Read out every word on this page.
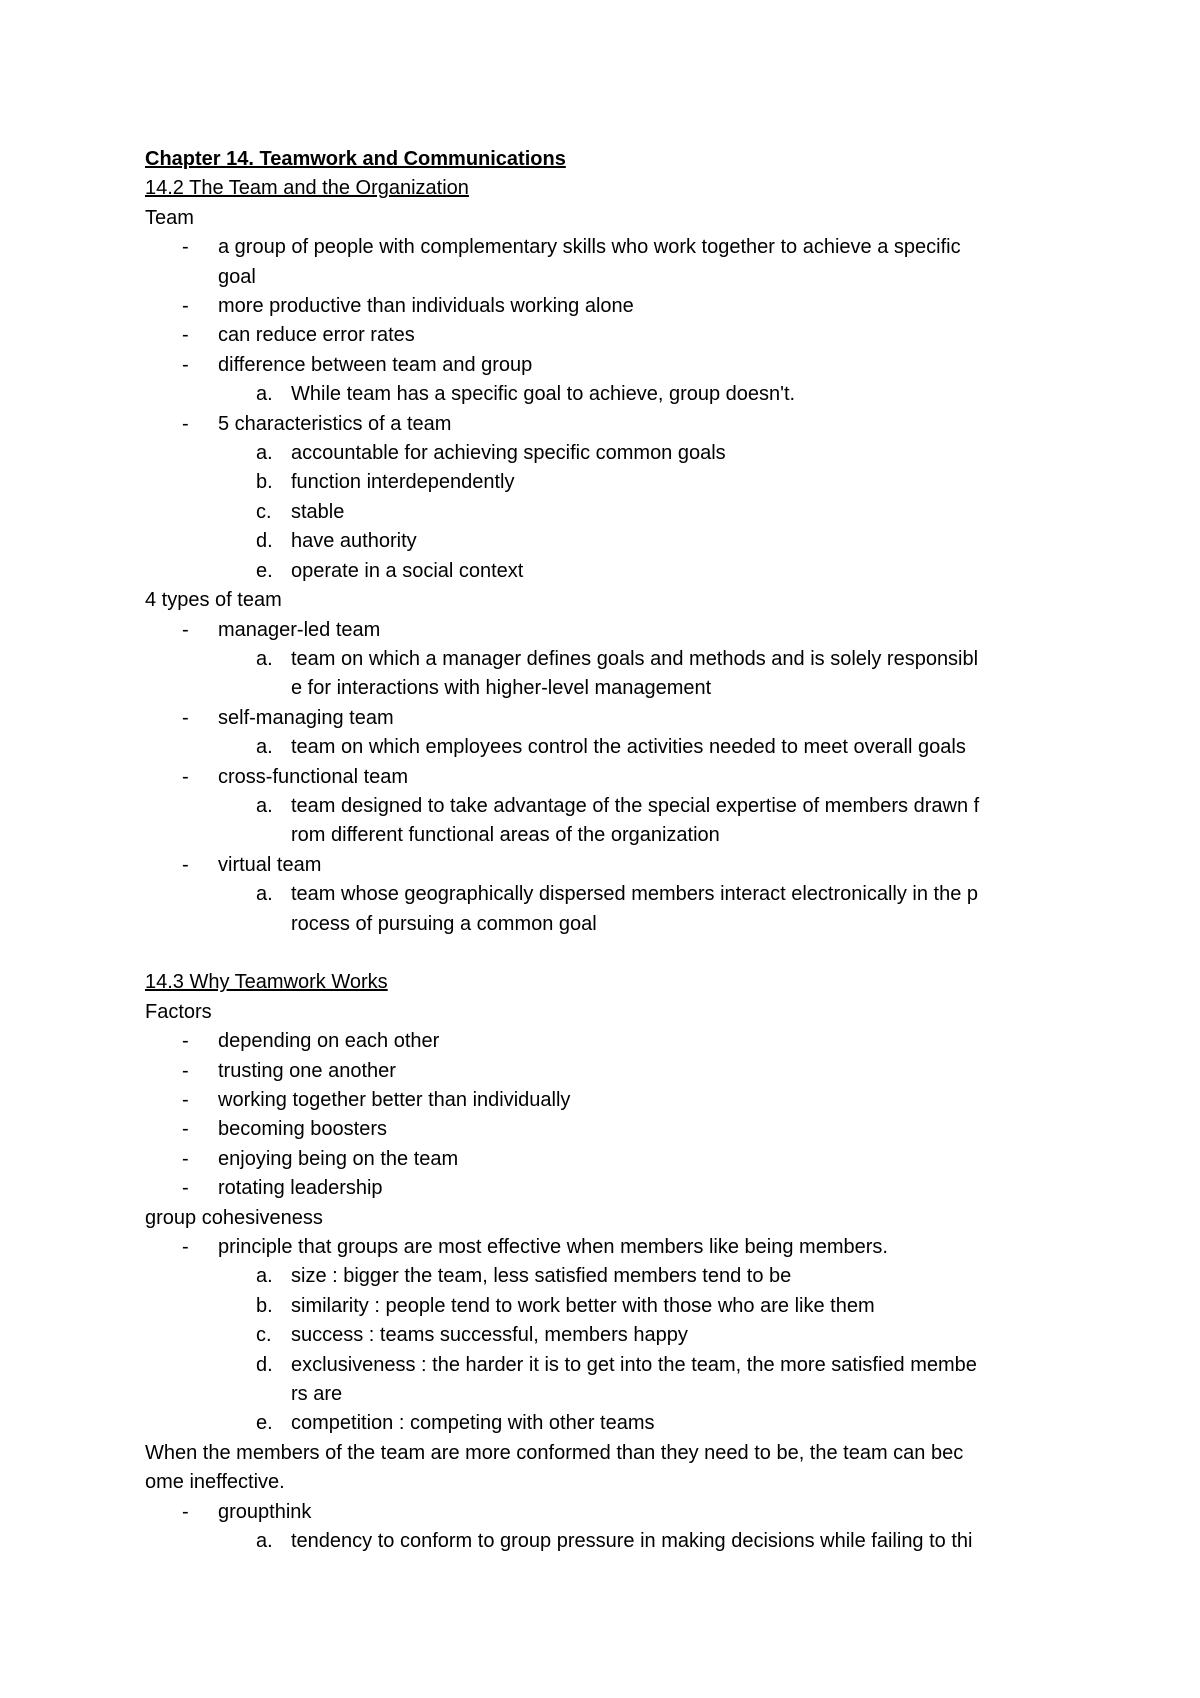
Chapter 14. Teamwork and Communications
14.2 The Team and the Organization
Team
- a group of people with complementary skills who work together to achieve a specific
goal
- more productive than individuals working alone
- can reduce error rates
- difference between team and group
a. While team has a specific goal to achieve, group doesn't.
- 5 characteristics of a team
a. accountable for achieving specific common goals
b. function interdependently
c. stable
d. have authority
e. operate in a social context
4 types of team
- manager-led team
a. team on which a manager defines goals and methods and is solely responsibl
e for interactions with higher-level management
- self-managing team
a. team on which employees control the activities needed to meet overall goals
- cross-functional team
a. team designed to take advantage of the special expertise of members drawn f
rom different functional areas of the organization
- virtual team
a. team whose geographically dispersed members interact electronically in the p
rocess of pursuing a common goal
14.3 Why Teamwork Works
Factors
- depending on each other
- trusting one another
- working together better than individually
- becoming boosters
- enjoying being on the team
- rotating leadership
group cohesiveness
- principle that groups are most effective when members like being members.
a. size : bigger the team, less satisfied members tend to be
b. similarity : people tend to work better with those who are like them
c. success : teams successful, members happy
d. exclusiveness : the harder it is to get into the team, the more satisfied membe
rs are
e. competition : competing with other teams
When the members of the team are more conformed than they need to be, the team can bec
ome ineffective.
- groupthink
a. tendency to conform to group pressure in making decisions while failing to thi
